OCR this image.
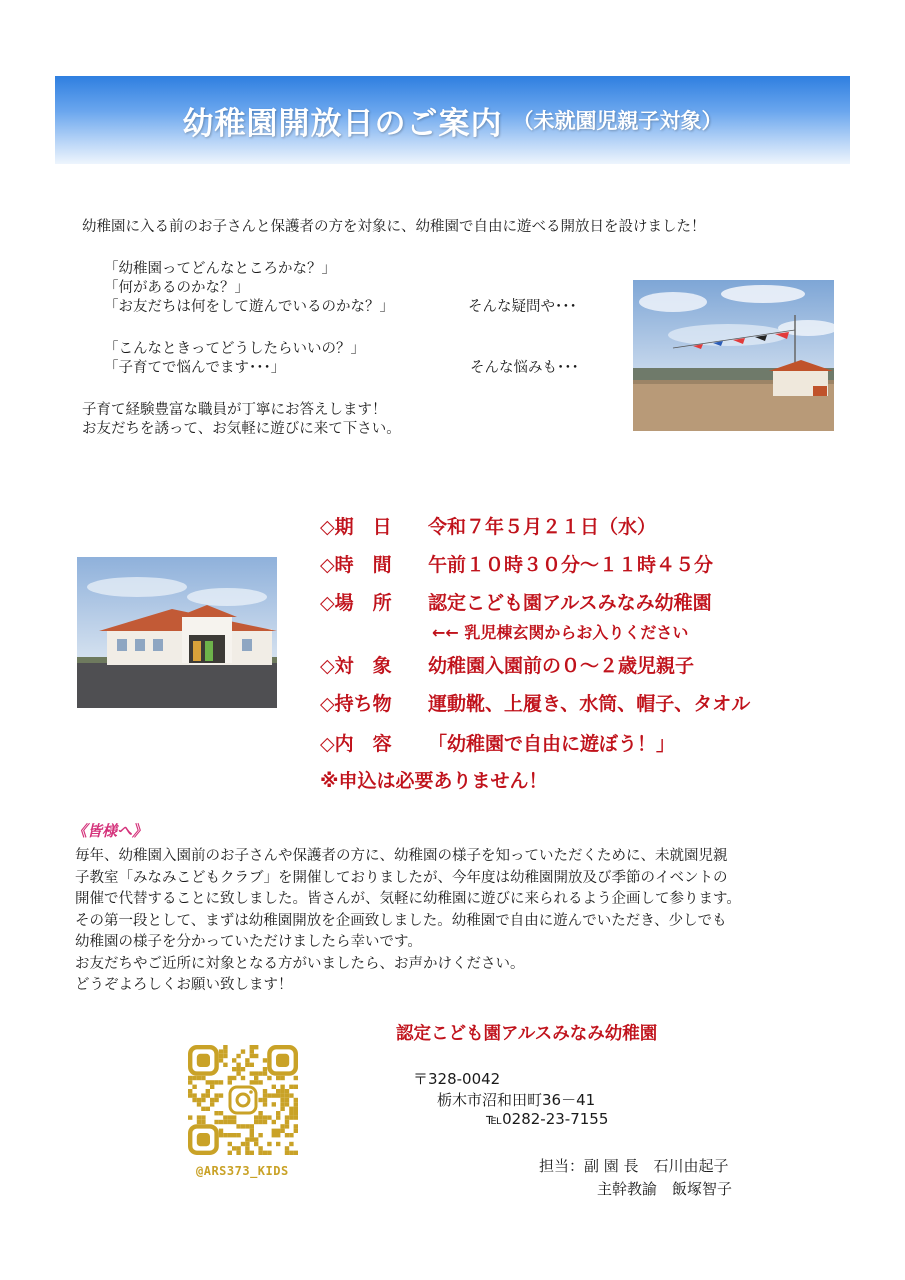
幼稚園開放日のご案内 （未就園児親子対象）
幼稚園に入る前のお子さんと保護者の方を対象に、幼稚園で自由に遊べる開放日を設けました！
「幼稚園ってどんなところかな？」
「何があるのかな？」
「お友だちは何をして遊んでいるのかな？」	そんな疑問や･･･
「こんなときってどうしたらいいの？」
「子育てで悩んでます･･･」	そんな悩みも･･･
子育て経験豊富な職員が丁寧にお答えします！
お友だちを誘って、お気軽に遊びに来て下さい。
◇期　日 令和７年５月２１日（水）
◇時　間 午前１０時３０分～１１時４５分
◇場　所 認定こども園アルスみなみ幼稚園
←← 乳児棟玄関からお入りください
◇対　象 幼稚園入園前の０～２歳児親子
◇持ち物 運動靴、上履き、水筒、帽子、タオル
◇内　容 「幼稚園で自由に遊ぼう！」
※申込は必要ありません！
《皆様へ》
毎年、幼稚園入園前のお子さんや保護者の方に、幼稚園の様子を知っていただくために、未就園児親
子教室「みなみこどもクラブ」を開催しておりましたが、今年度は幼稚園開放及び季節のイベントの
開催で代替することに致しました。皆さんが、気軽に幼稚園に遊びに来られるよう企画して参ります。
その第一段として、まずは幼稚園開放を企画致しました。幼稚園で自由に遊んでいただき、少しでも
幼稚園の様子を分かっていただけましたら幸いです。
お友だちやご近所に対象となる方がいましたら、お声かけください。
どうぞよろしくお願い致します！
認定こども園アルスみなみ幼稚園
〒328-0042
栃木市沼和田町36－41
℡0282-23-7155
担当：副 園 長　石川由起子
主幹教諭　飯塚智子
@ARS373_KIDS
